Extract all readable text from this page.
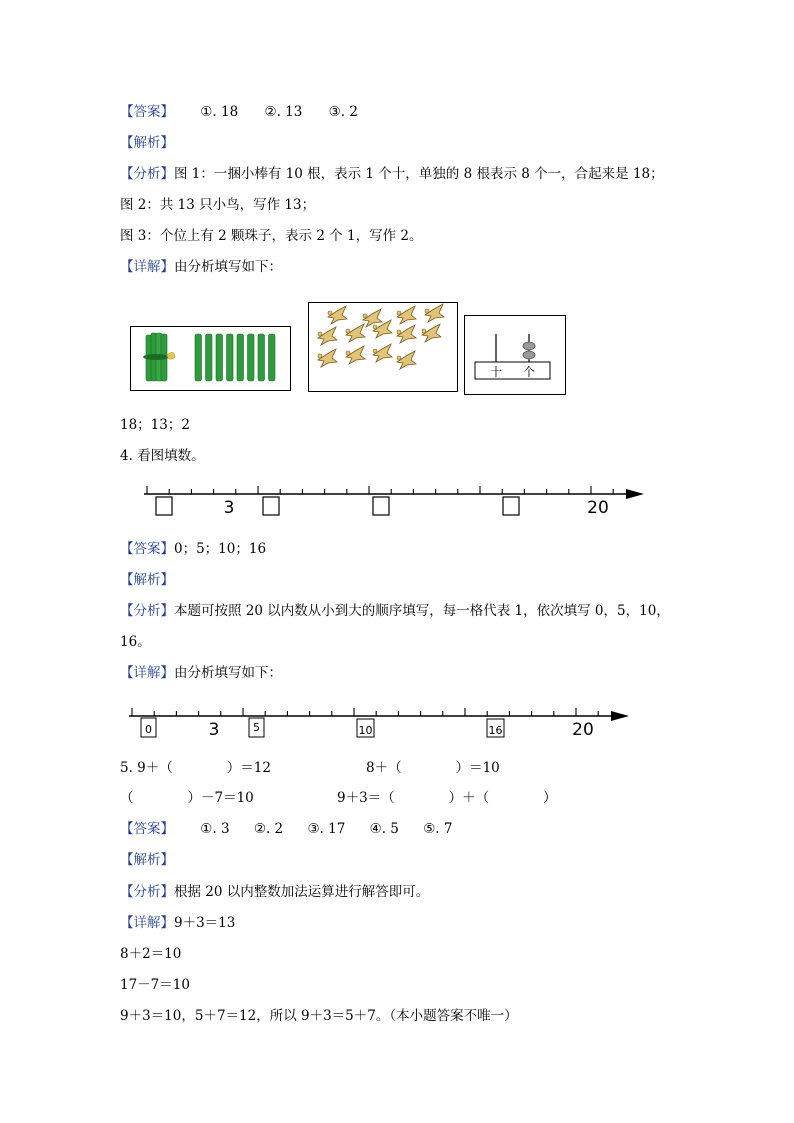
【答案】 ①. 18 ②. 13 ③. 2
【解析】
【分析】图 1：一捆小棒有 10 根，表示 1 个十，单独的 8 根表示 8 个一，合起来是 18；
图 2：共 13 只小鸟，写作 13；
图 3：个位上有 2 颗珠子，表示 2 个 1，写作 2。
【详解】由分析填写如下：
十 个
18；13；2
4. 看图填数。
3	20
【答案】0；5；10；16
【解析】
【分析】本题可按照 20 以内数从小到大的顺序填写，每一格代表 1，依次填写 0，5，10，
16。
【详解】由分析填写如下：
0	5	10	16
3	20
5. 9＋（　　　　）＝12	8＋（　　　　）＝10
（　　　　）－7＝10	9＋3＝（　　　　）＋（　　　　）
【答案】 ①. 3 ②. 2 ③. 17 ④. 5 ⑤. 7
【解析】
【分析】根据 20 以内整数加法运算进行解答即可。
【详解】9＋3＝13
8＋2＝10
17－7＝10
9＋3＝10，5＋7＝12，所以 9＋3＝5＋7。（本小题答案不唯一）
